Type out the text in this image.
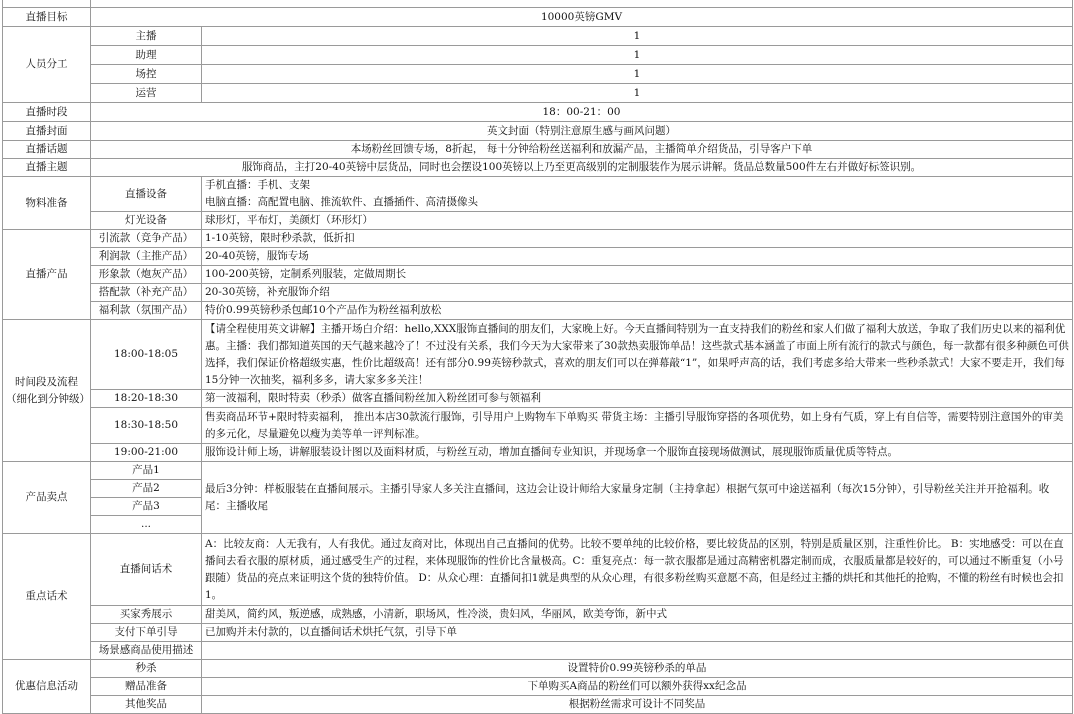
直播目标	10000英镑GMV	
人员分工	主播	1
	助理	1
	场控	1
	运营	1
直播时段	18：00-21：00	
直播封面	英文封面（特别注意原生感与画风问题）	
直播话题	本场粉丝回馈专场，8折起， 每十分钟给粉丝送福利和放漏产品，主播简单介绍货品，引导客户下单	
直播主题	服饰商品，主打20-40英镑中层货品，同时也会摆设100英镑以上乃至更高级别的定制服装作为展示讲解。货品总数量500件左右并做好标签识别。	
物料准备	直播设备	手机直播：手机、支架
电脑直播：高配置电脑、推流软件、直播插件、高清摄像头

	灯光设备	球形灯，平布灯，美颜灯（环形灯）
直播产品	引流款（竞争产品）	1-10英镑，限时秒杀款，低折扣
	利润款（主推产品）	20-40英镑，服饰专场
	形象款（炮灰产品）	100-200英镑，定制系列服装，定做周期长
	搭配款（补充产品）	20-30英镑，补充服饰介绍
	福利款（氛围产品）	特价0.99英镑秒杀包邮10个产品作为粉丝福利放松
时间段及流程（细化到分钟级）	18:00-18:05	【请全程使用英文讲解】主播开场白介绍：hello,XXX服饰直播间的朋友们，大家晚上好。今天直播间特别为一直支持我们的粉丝和家人们做了福利大放送，争取了我们历史以来的福利优惠。主播：我们都知道英国的天气越来越冷了！不过没有关系，我们今天为大家带来了30款热卖服饰单品！这些款式基本涵盖了市面上所有流行的款式与颜色，每一款都有很多种颜色可供选择，我们保证价格超级实惠，性价比超级高！还有部分0.99英镑秒款式，喜欢的朋友们可以在弹幕敲“1”，如果呼声高的话，我们考虑多给大带来一些秒杀款式！大家不要走开，我们每15分钟一次抽奖，福利多多，请大家多多关注！
	18:20-18:30	第一波福利，限时特卖（秒杀）做客直播间粉丝加入粉丝团可参与领福利
	18:30-18:50	售卖商品环节+限时特卖福利， 推出本店30款流行服饰，引导用户上购物车下单购买 带货主场：主播引导服饰穿搭的各项优势，如上身有气质，穿上有自信等，需要特别注意国外的审美的多元化，尽量避免以瘦为美等单一评判标准。
	19:00-21:00	服饰设计师上场，讲解服装设计图以及面料材质，与粉丝互动，增加直播间专业知识，并现场拿一个服饰直接现场做测试，展现服饰质量优质等特点。
产品卖点	产品1	最后3分钟：样板服装在直播间展示。主播引导家人多关注直播间，这边会让设计师给大家量身定制（主持拿起）根据气氛可中途送福利（每次15分钟），引导粉丝关注并开抢福利。收尾：主播收尾
	产品2	
	产品3	
	...	
重点话术	直播间话术	A：比较友商：人无我有，人有我优。通过友商对比，体现出自己直播间的优势。比较不要单纯的比较价格，要比较货品的区别，特别是质量区别，注重性价比。 B：实地感受：可以在直播间去看衣服的原材质，通过感受生产的过程，来体现服饰的性价比含量极高。C：重复亮点：每一款衣服都是通过高精密机器定制而成，衣服质量都是较好的，可以通过不断重复（小号跟随）货品的亮点来证明这个货的独特价值。 D：从众心理：直播间扣1就是典型的从众心理，有很多粉丝购买意愿不高，但是经过主播的烘托和其他托的抢购，不懂的粉丝有时候也会扣1。
	买家秀展示	甜美风，简约风，叛逆感，成熟感，小清新，职场风，性冷淡，贵妇风，华丽风，欧美夸饰，新中式
	支付下单引导	已加购并未付款的，以直播间话术烘托气氛，引导下单
	场景感商品使用描述	
优惠信息活动	秒杀	设置特价0.99英镑秒杀的单品
	赠品准备	下单购买A商品的粉丝们可以额外获得xx纪念品
	其他奖品	根据粉丝需求可设计不同奖品
